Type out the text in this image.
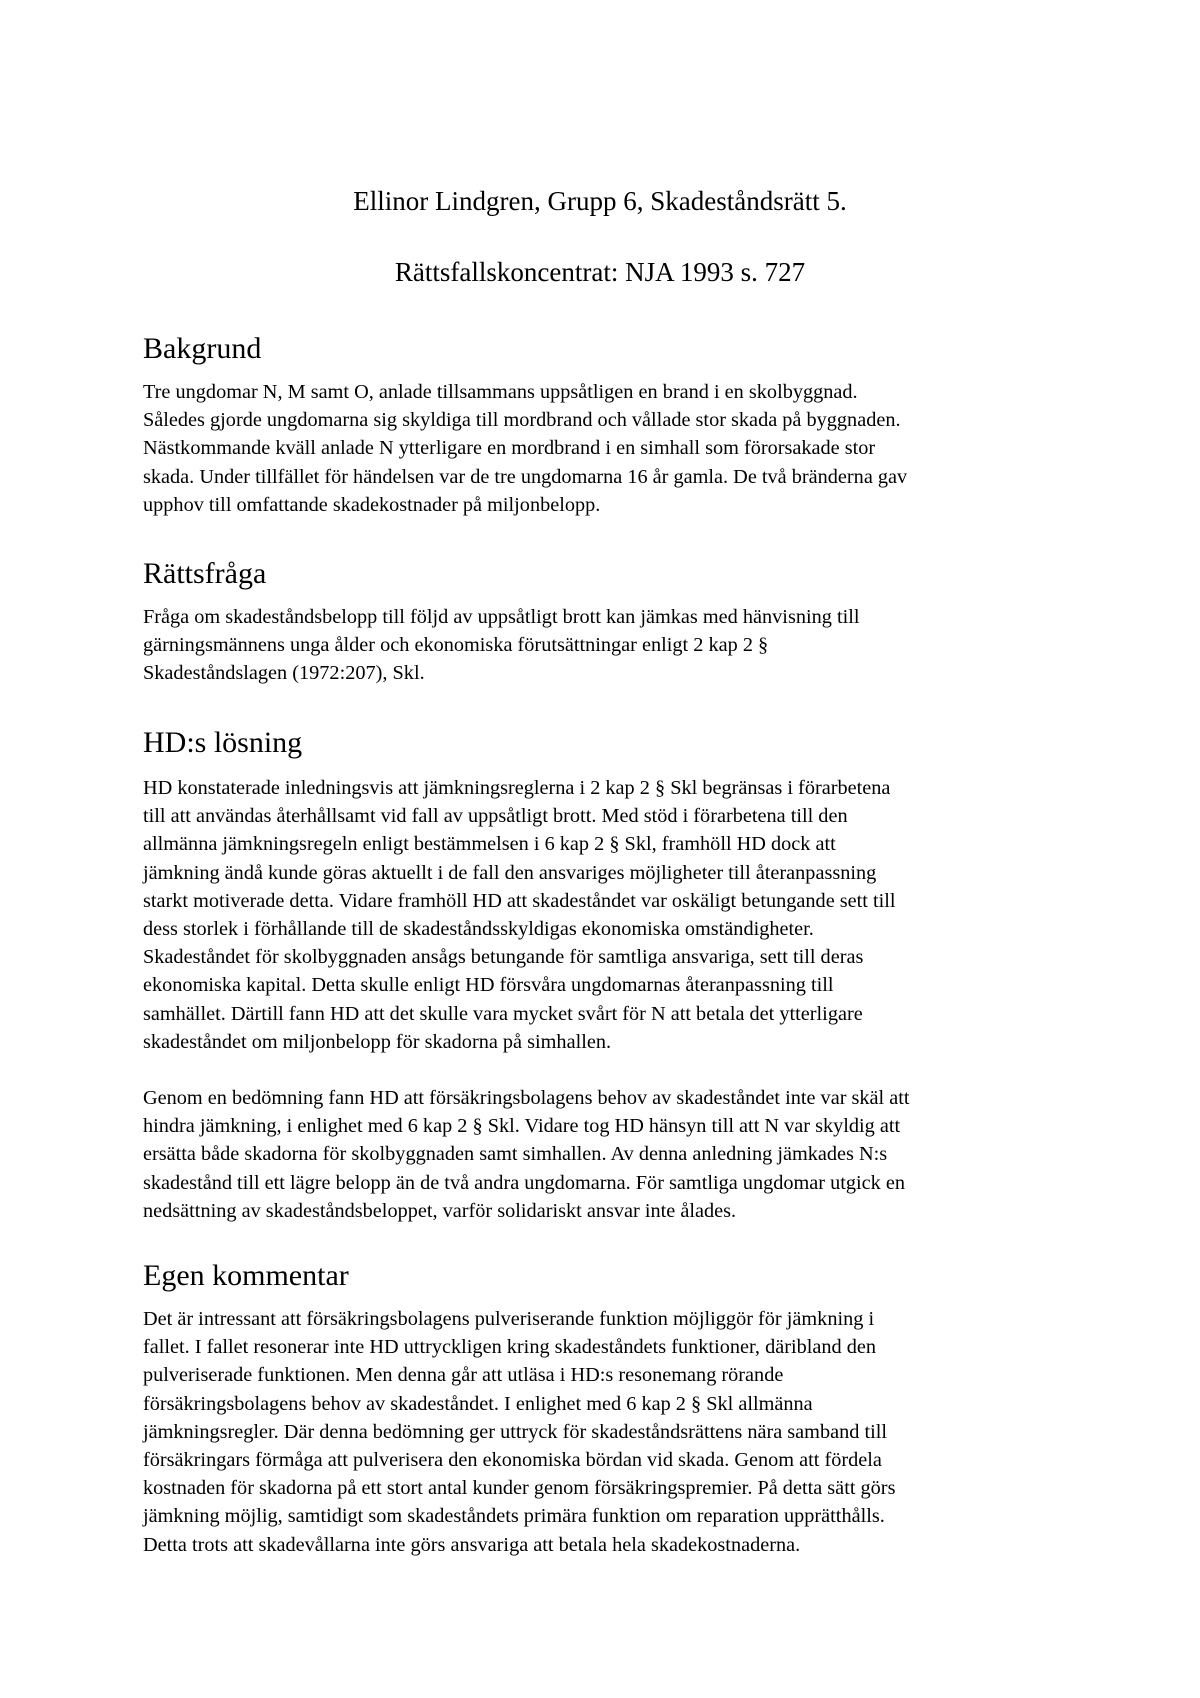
Ellinor Lindgren, Grupp 6, Skadeståndsrätt 5.
Rättsfallskoncentrat: NJA 1993 s. 727
Bakgrund
Tre ungdomar N, M samt O, anlade tillsammans uppsåtligen en brand i en skolbyggnad.
Således gjorde ungdomarna sig skyldiga till mordbrand och vållade stor skada på byggnaden.
Nästkommande kväll anlade N ytterligare en mordbrand i en simhall som förorsakade stor
skada. Under tillfället för händelsen var de tre ungdomarna 16 år gamla. De två bränderna gav
upphov till omfattande skadekostnader på miljonbelopp.
Rättsfråga
Fråga om skadeståndsbelopp till följd av uppsåtligt brott kan jämkas med hänvisning till
gärningsmännens unga ålder och ekonomiska förutsättningar enligt 2 kap 2 §
Skadeståndslagen (1972:207), Skl.
HD:s lösning
HD konstaterade inledningsvis att jämkningsreglerna i 2 kap 2 § Skl begränsas i förarbetena
till att användas återhållsamt vid fall av uppsåtligt brott. Med stöd i förarbetena till den
allmänna jämkningsregeln enligt bestämmelsen i 6 kap 2 § Skl, framhöll HD dock att
jämkning ändå kunde göras aktuellt i de fall den ansvariges möjligheter till återanpassning
starkt motiverade detta. Vidare framhöll HD att skadeståndet var oskäligt betungande sett till
dess storlek i förhållande till de skadeståndsskyldigas ekonomiska omständigheter.
Skadeståndet för skolbyggnaden ansågs betungande för samtliga ansvariga, sett till deras
ekonomiska kapital. Detta skulle enligt HD försvåra ungdomarnas återanpassning till
samhället. Därtill fann HD att det skulle vara mycket svårt för N att betala det ytterligare
skadeståndet om miljonbelopp för skadorna på simhallen.
Genom en bedömning fann HD att försäkringsbolagens behov av skadeståndet inte var skäl att
hindra jämkning, i enlighet med 6 kap 2 § Skl. Vidare tog HD hänsyn till att N var skyldig att
ersätta både skadorna för skolbyggnaden samt simhallen. Av denna anledning jämkades N:s
skadestånd till ett lägre belopp än de två andra ungdomarna. För samtliga ungdomar utgick en
nedsättning av skadeståndsbeloppet, varför solidariskt ansvar inte ålades.
Egen kommentar
Det är intressant att försäkringsbolagens pulveriserande funktion möjliggör för jämkning i
fallet. I fallet resonerar inte HD uttryckligen kring skadeståndets funktioner, däribland den
pulveriserade funktionen. Men denna går att utläsa i HD:s resonemang rörande
försäkringsbolagens behov av skadeståndet. I enlighet med 6 kap 2 § Skl allmänna
jämkningsregler. Där denna bedömning ger uttryck för skadeståndsrättens nära samband till
försäkringars förmåga att pulverisera den ekonomiska bördan vid skada. Genom att fördela
kostnaden för skadorna på ett stort antal kunder genom försäkringspremier. På detta sätt görs
jämkning möjlig, samtidigt som skadeståndets primära funktion om reparation upprätthålls.
Detta trots att skadevållarna inte görs ansvariga att betala hela skadekostnaderna.
